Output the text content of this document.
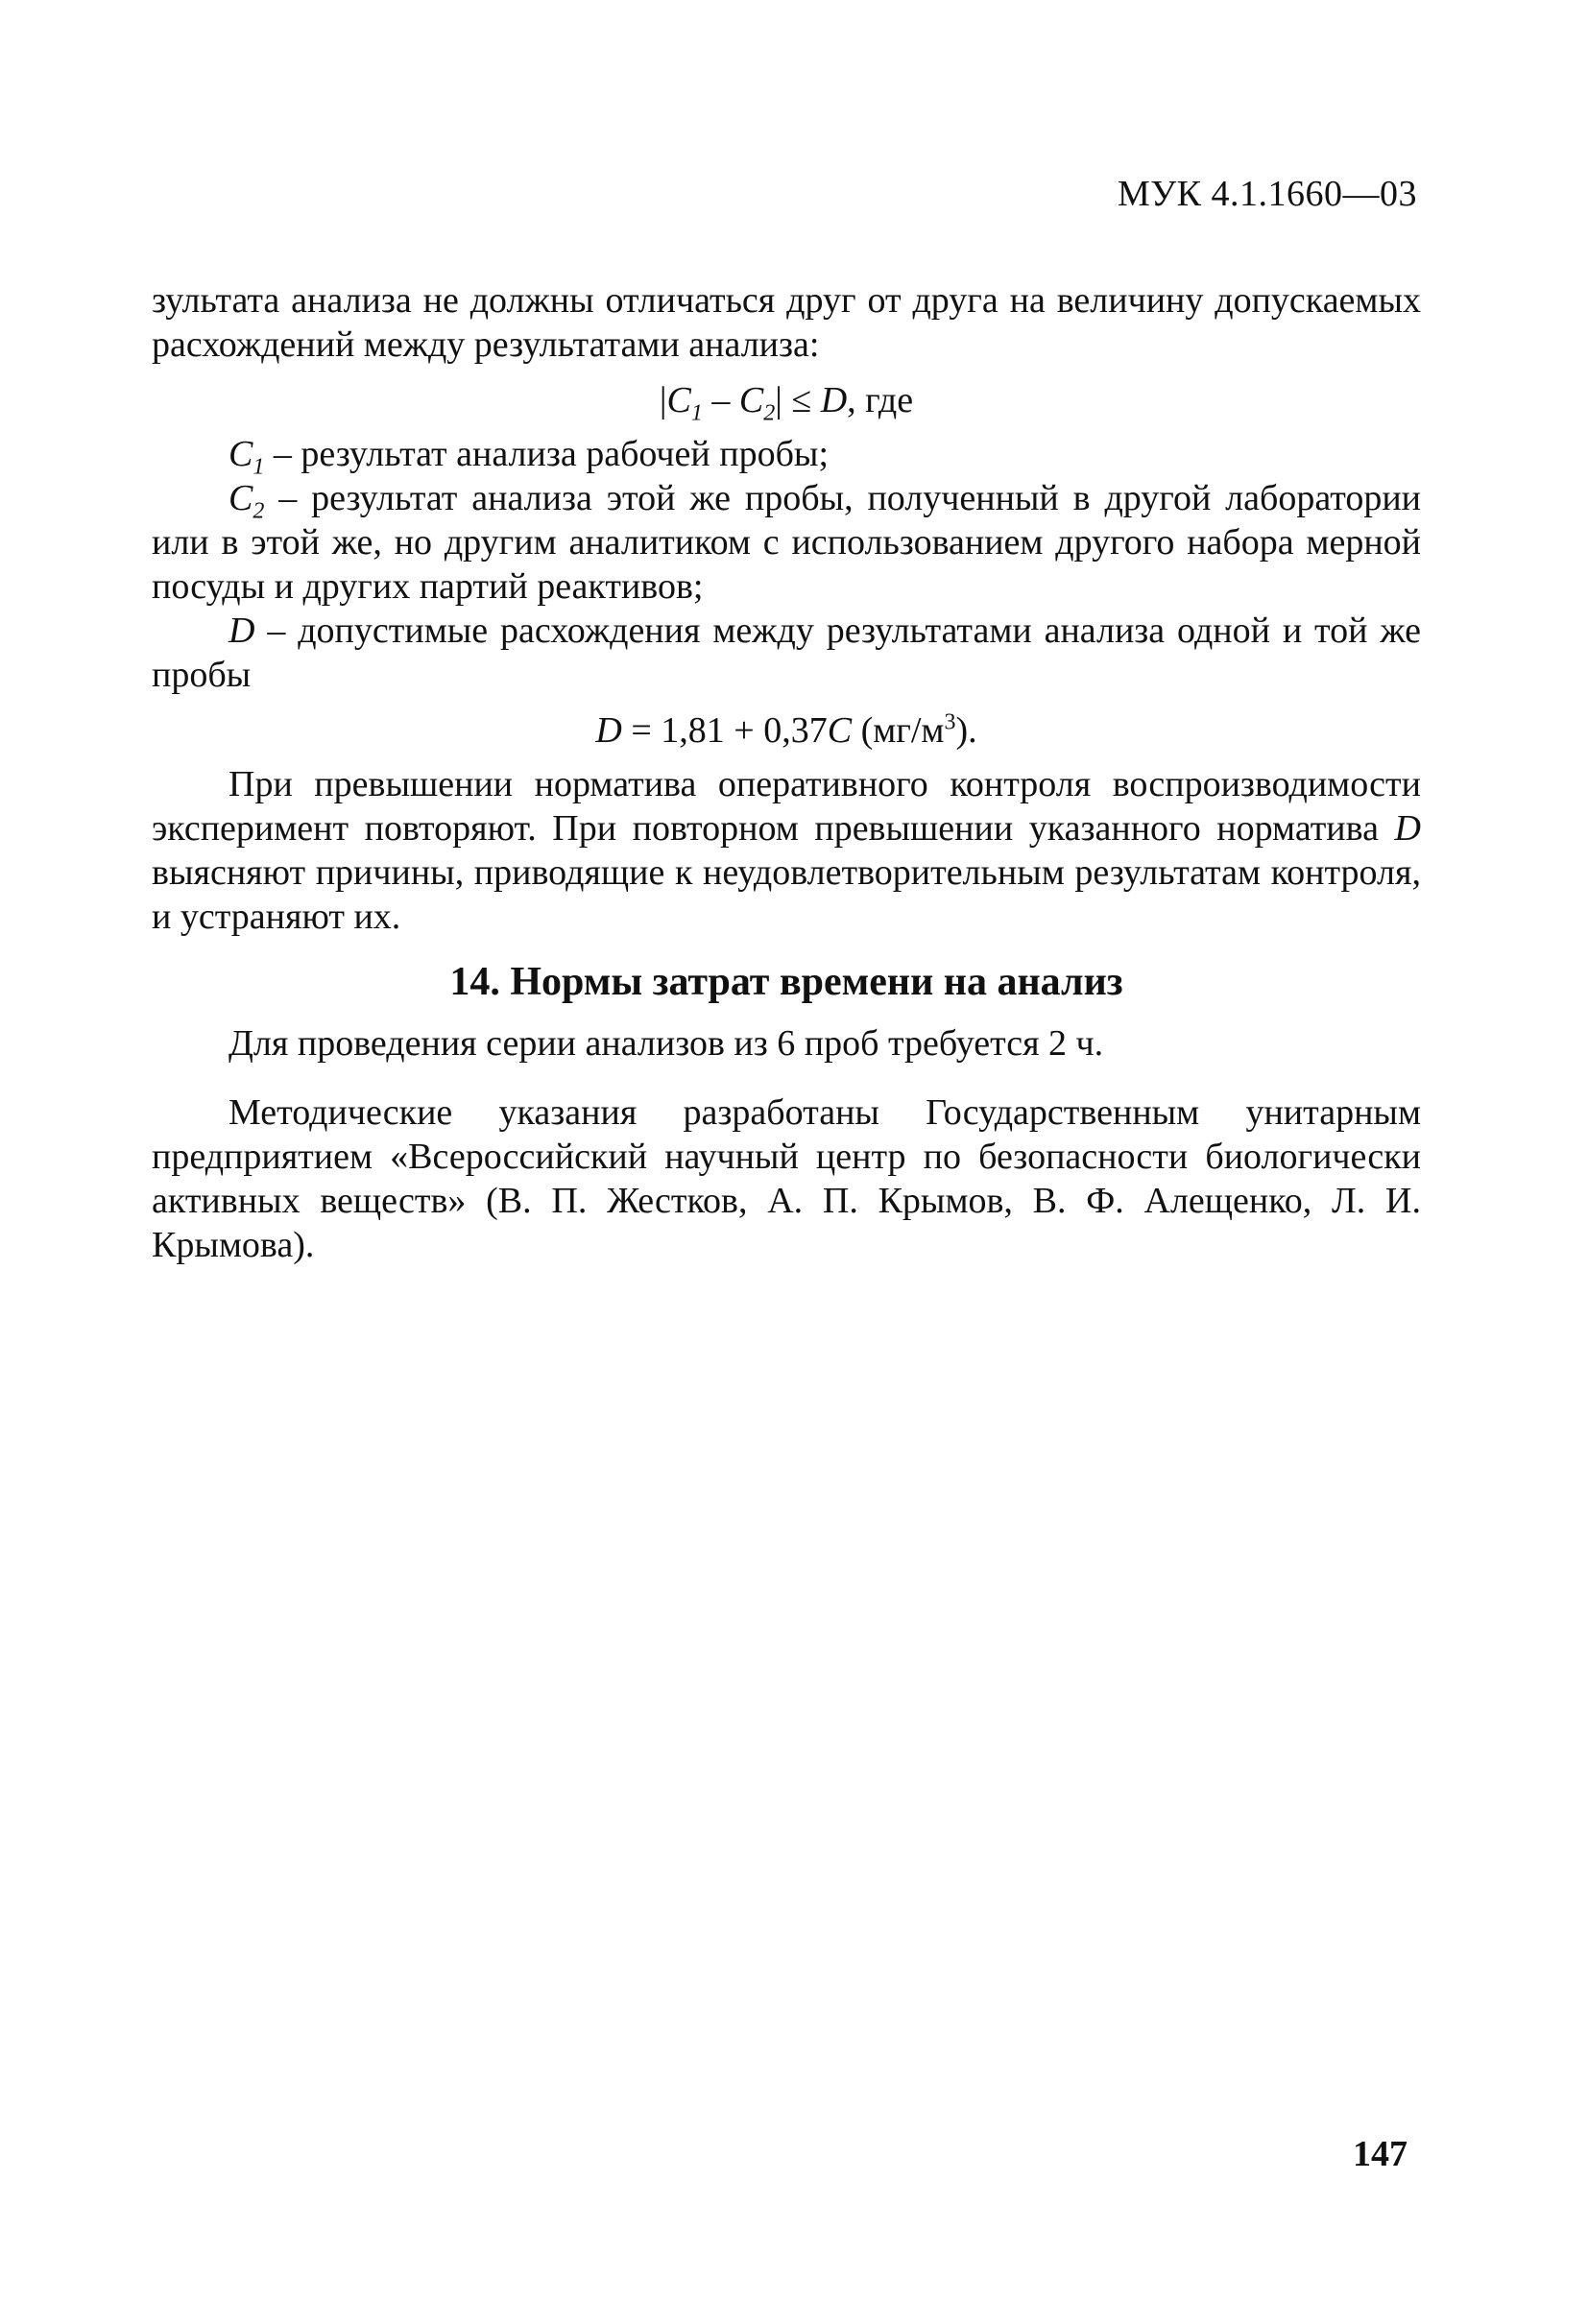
МУК 4.1.1660—03

зультата анализа не должны отличаться друг от друга на величину допускаемых расхождений между результатами анализа:

$|C_1 - C_2| \le D$, где

$C_1$ – результат анализа рабочей пробы;

$C_2$ – результат анализа этой же пробы, полученный в другой лаборатории или в этой же, но другим аналитиком с использованием другого набора мерной посуды и других партий реактивов;

D – допустимые расхождения между результатами анализа одной и той же пробы

D = 1,81 + 0,37C $(мг/м^3)$.

При превышении норматива оперативного контроля воспроизводимости эксперимент повторяют. При повторном превышении указанного норматива D выясняют причины, приводящие к неудовлетворительным результатам контроля, и устраняют их.

14. Нормы затрат времени на анализ

Для проведения серии анализов из 6 проб требуется 2 ч.

Методические указания разработаны Государственным унитарным предприятием «Всероссийский научный центр по безопасности биологически активных веществ» (В. П. Жестков, А. П. Крымов, В. Ф. Алещенко, Л. И. Крымова).

147
